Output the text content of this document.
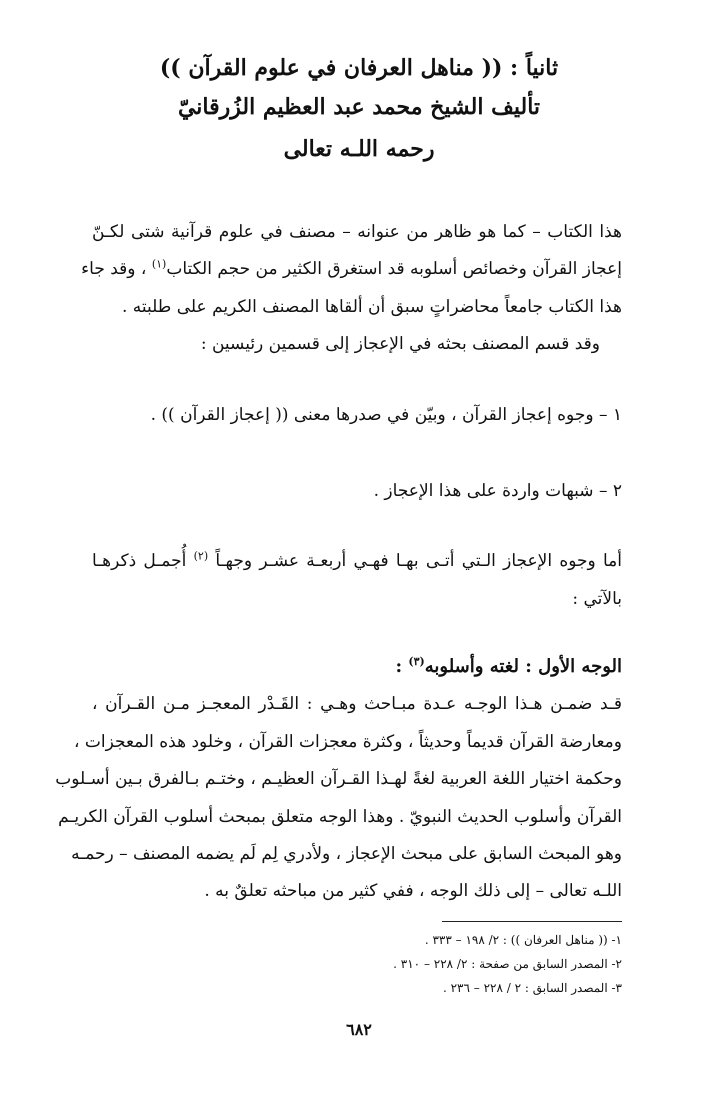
ثانياً : (( مناهل العرفان في علوم القرآن ))
تأليف الشيخ محمد عبد العظيم الزُرقانيّ
رحمه اللـه تعالى
هذا الكتاب – كما هو ظاهر من عنوانه – مصنف في علوم قرآنية شتى لكـنّ
إعجاز القرآن وخصائص أسلوبه قد استغرق الكثير من حجم الكتاب$^{(١)}$ ، وقد جاء
هذا الكتاب جامعاً محاضراتٍ سبق أن ألقاها المصنف الكريم على طلبته .
وقد قسم المصنف بحثه في الإعجاز إلى قسمين رئيسين :
١ – وجوه إعجاز القرآن ، وبيّن في صدرها معنى (( إعجاز القرآن )) .
٢ – شبهات واردة على هذا الإعجاز .
أما وجوه الإعجاز الـتي أتـى بهـا فهـي أربعـة عشـر وجهـاً $^{(٢)}$ أُجمـل ذكرهـا
بالآتي :
الوجه الأول : لغته وأسلوبه$^{(٣)}$ :
قـد ضمـن هـذا الوجـه عـدة مبـاحث وهـي : القَـدْر المعجـز مـن القـرآن ،
ومعارضة القرآن قديماً وحديثاً ، وكثرة معجزات القرآن ، وخلود هذه المعجزات ،
وحكمة اختيار اللغة العربية لغةً لهـذا القـرآن العظيـم ، وختـم بـالفرق بـين أسـلوب
القرآن وأسلوب الحديث النبويّ . وهذا الوجه متعلق بمبحث أسلوب القرآن الكريـم
وهو المبحث السابق على مبحث الإعجاز ، ولأدري لِم لَم يضمه المصنف – رحمـه
اللـه تعالى – إلى ذلك الوجه ، ففي كثير من مباحثه تعلقٌ به .
١- (( مناهل العرفان )) : ٢/ ١٩٨ – ٣٣٣ .
٢- المصدر السابق من صفحة : ٢/ ٢٢٨ – ٣١٠ .
٣- المصدر السابق : ٢ / ٢٢٨ – ٢٣٦ .
٦٨٢
